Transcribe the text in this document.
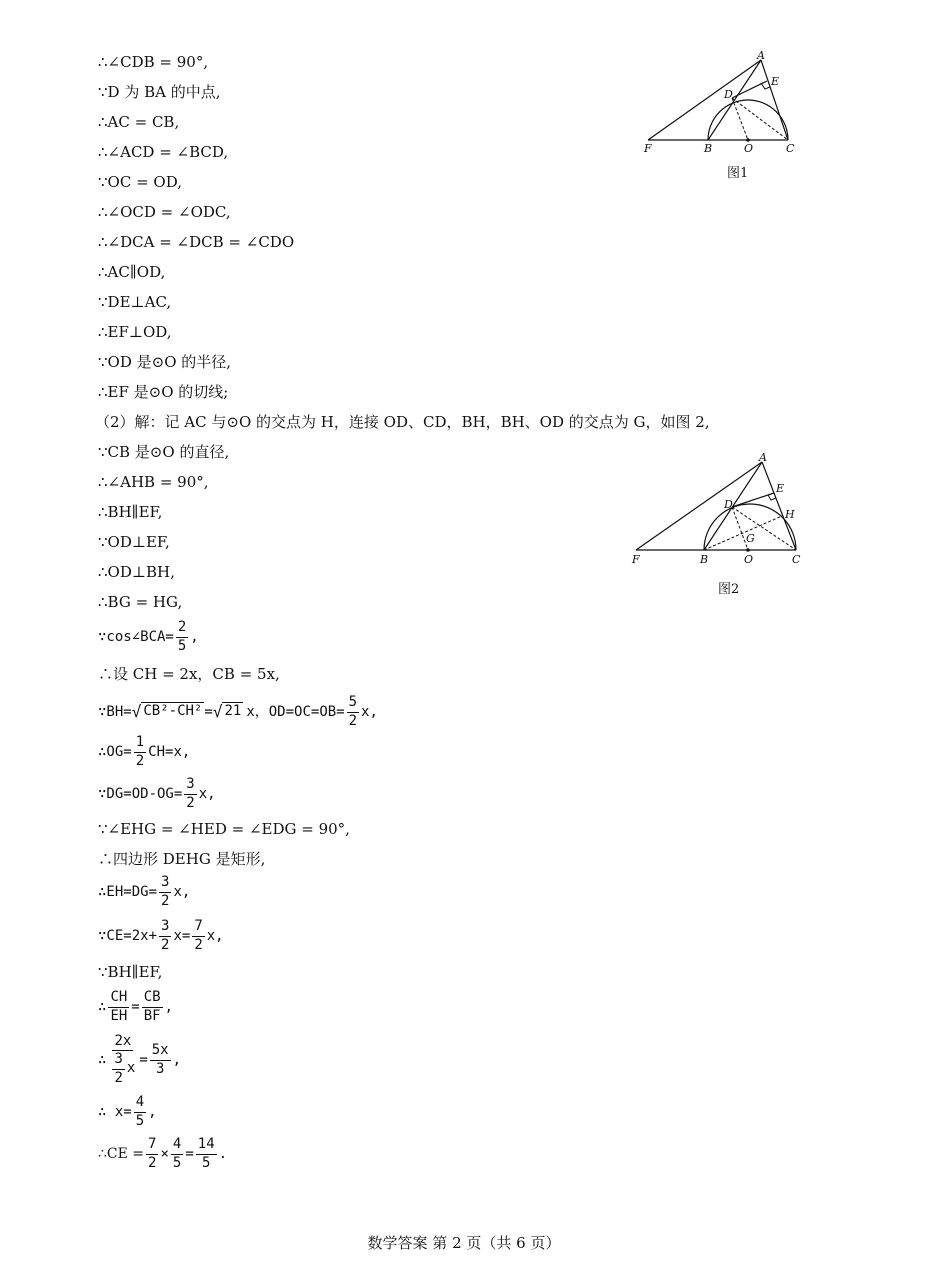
∴∠CDB = 90°,
∵D 为 BA 的中点,
∴AC = CB,
∴∠ACD = ∠BCD,
∵OC = OD,
∴∠OCD = ∠ODC,
∴∠DCA = ∠DCB = ∠CDO
∴AC∥OD,
∵DE⊥AC,
∴EF⊥OD,
∵OD 是⊙O 的半径,
∴EF 是⊙O 的切线;
（2）解：记 AC 与⊙O 的交点为 H，连接 OD、CD，BH，BH、OD 的交点为 G，如图 2,
∵CB 是⊙O 的直径,
∴∠AHB = 90°,
∴BH∥EF,
∵OD⊥EF,
∴OD⊥BH,
∴BG = HG,
∵cos∠BCA= $\frac{2}{5}$ ,
∴设 CH = 2x，CB = 5x,
∵BH= √ CB²-CH² = √ 21 x，$OD=OC=OB= \frac{5}{2} x$,
∴OG= $\frac{1}{2} CH=x$,
∵DG=OD-OG= $\frac{3}{2} x$,
∵∠EHG = ∠HED = ∠EDG = 90°,
∴四边形 DEHG 是矩形,
∴EH=DG= $\frac{3}{2} x$,
∵CE=2x+ $\frac{3}{2} x= \frac{7}{2} x$,
∵BH∥EF,
∴ $\frac{CH}{EH} = \frac{CB}{BF}$ ,
∴ $\frac{2x}{\frac{3}{2} x} = \frac{5x}{3}$ ,
∴ $x= \frac{4}{5}$ ,
∴CE = $\frac{7}{2} \times \frac{4}{5} = \frac{14}{5}$ .
A
E
D
F	B	O	C
图1
A
E
H
D
G
F	B	O	C
图2
数学答案 第 2 页（共 6 页）
